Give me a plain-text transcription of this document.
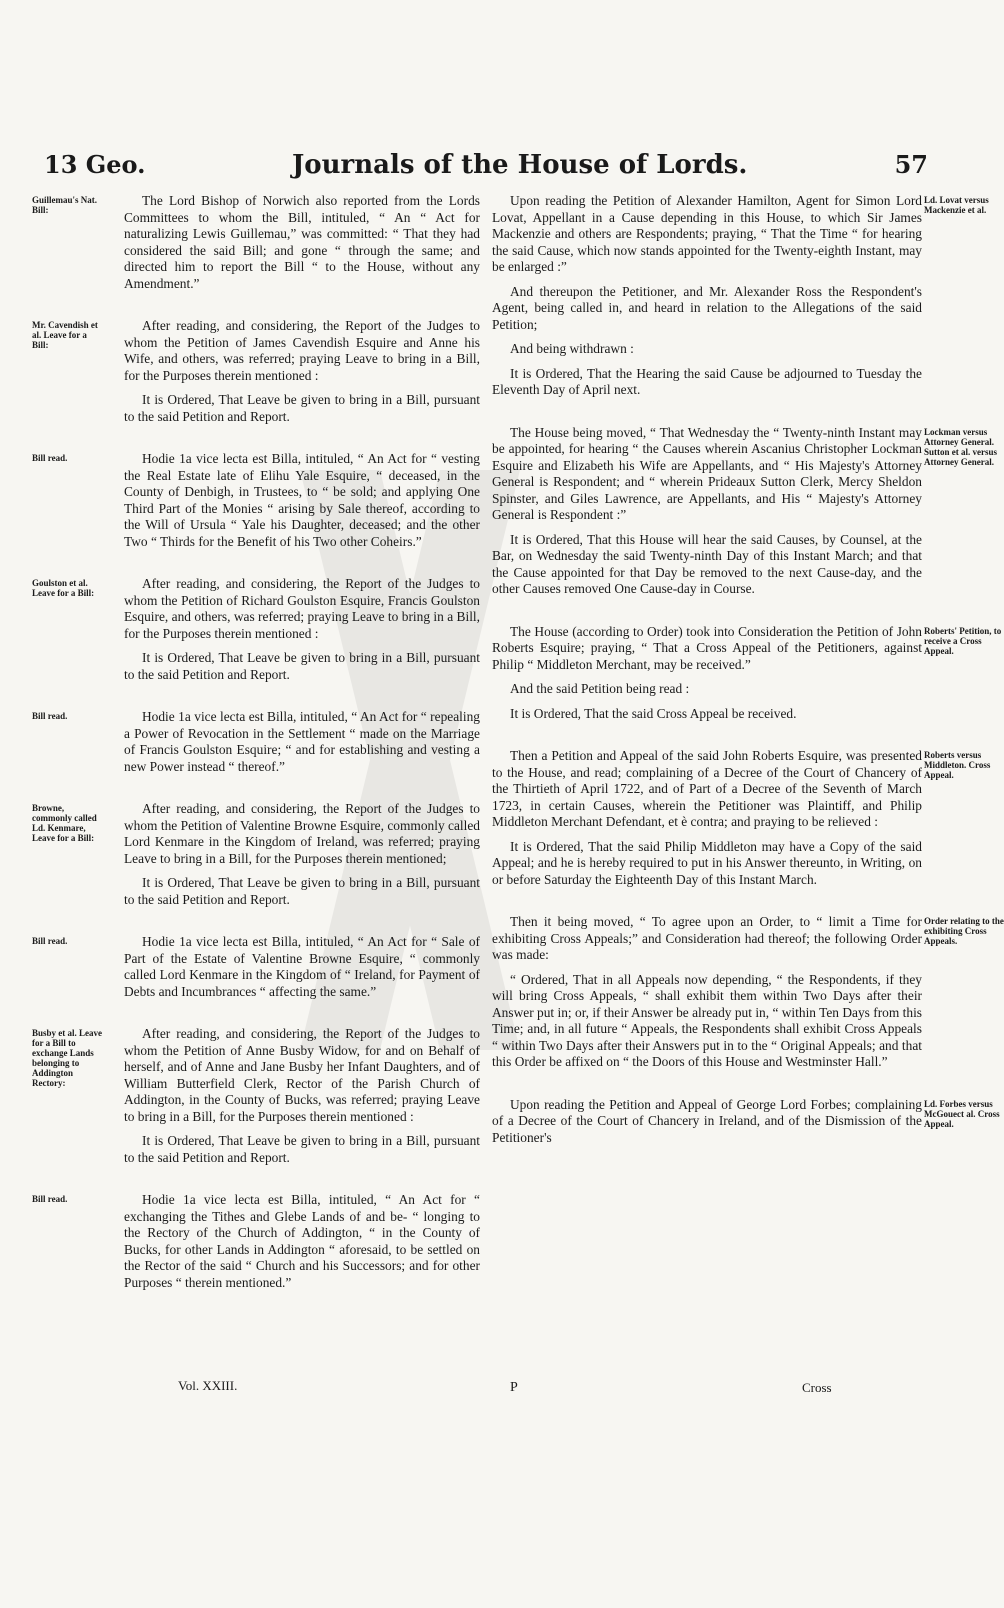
13 Geo.	Journals of the House of Lords.	57
Guillemau's Nat. Bill:

The Lord Bishop of Norwich also reported from the Lords Committees to whom the Bill, intituled, “ An “ Act for naturalizing Lewis Guillemau,” was committed: “ That they had considered the said Bill; and gone “ through the same; and directed him to report the Bill “ to the House, without any Amendment.”

Mr. Cavendish et al. Leave for a Bill:

After reading, and considering, the Report of the Judges to whom the Petition of James Cavendish Esquire and Anne his Wife, and others, was referred; praying Leave to bring in a Bill, for the Purposes therein mentioned :

It is Ordered, That Leave be given to bring in a Bill, pursuant to the said Petition and Report.

Bill read.	Hodie 1a vice lecta est Billa, intituled, “ An Act for “ vesting the Real Estate late of Elihu Yale Esquire, “ deceased, in the County of Denbigh, in Trustees, to “ be sold; and applying One Third Part of the Monies “ arising by Sale thereof, according to the Will of Ursula “ Yale his Daughter, deceased; and the other Two “ Thirds for the Benefit of his Two other Coheirs.”

Goulston et al. Leave for a Bill:

After reading, and considering, the Report of the Judges to whom the Petition of Richard Goulston Esquire, Francis Goulston Esquire, and others, was referred; praying Leave to bring in a Bill, for the Purposes therein mentioned :

It is Ordered, That Leave be given to bring in a Bill, pursuant to the said Petition and Report.

Bill read.	Hodie 1a vice lecta est Billa, intituled, “ An Act for “ repealing a Power of Revocation in the Settlement “ made on the Marriage of Francis Goulston Esquire; “ and for establishing and vesting a new Power instead “ thereof.”

Browne, commonly called Ld. Kenmare, Leave for a Bill:

After reading, and considering, the Report of the Judges to whom the Petition of Valentine Browne Esquire, commonly called Lord Kenmare in the Kingdom of Ireland, was referred; praying Leave to bring in a Bill, for the Purposes therein mentioned;

It is Ordered, That Leave be given to bring in a Bill, pursuant to the said Petition and Report.

Bill read.	Hodie 1a vice lecta est Billa, intituled, “ An Act for “ Sale of Part of the Estate of Valentine Browne Esquire, “ commonly called Lord Kenmare in the Kingdom of “ Ireland, for Payment of Debts and Incumbrances “ affecting the same.”

Busby et al. Leave for a Bill to exchange Lands belonging to Addington Rectory:

After reading, and considering, the Report of the Judges to whom the Petition of Anne Busby Widow, for and on Behalf of herself, and of Anne and Jane Busby her Infant Daughters, and of William Butterfield Clerk, Rector of the Parish Church of Addington, in the County of Bucks, was referred; praying Leave to bring in a Bill, for the Purposes therein mentioned :

It is Ordered, That Leave be given to bring in a Bill, pursuant to the said Petition and Report.

Bill read.	Hodie 1a vice lecta est Billa, intituled, “ An Act for “ exchanging the Tithes and Glebe Lands of and be- “ longing to the Rectory of the Church of Addington, “ in the County of Bucks, for other Lands in Addington “ aforesaid, to be settled on the Rector of the said “ Church and his Successors; and for other Purposes “ therein mentioned.”

Ld. Lovat versus Mackenzie et al.

Upon reading the Petition of Alexander Hamilton, Agent for Simon Lord Lovat, Appellant in a Cause depending in this House, to which Sir James Mackenzie and others are Respondents; praying, “ That the Time “ for hearing the said Cause, which now stands appointed for the Twenty-eighth Instant, may be enlarged :”

And thereupon the Petitioner, and Mr. Alexander Ross the Respondent's Agent, being called in, and heard in relation to the Allegations of the said Petition;

And being withdrawn :

It is Ordered, That the Hearing the said Cause be adjourned to Tuesday the Eleventh Day of April next.

Lockman versus Attorney General. Sutton et al. versus Attorney General.

The House being moved, “ That Wednesday the “ Twenty-ninth Instant may be appointed, for hearing “ the Causes wherein Ascanius Christopher Lockman Esquire and Elizabeth his Wife are Appellants, and “ His Majesty's Attorney General is Respondent; and “ wherein Prideaux Sutton Clerk, Mercy Sheldon Spinster, and Giles Lawrence, are Appellants, and His “ Majesty's Attorney General is Respondent :”

It is Ordered, That this House will hear the said Causes, by Counsel, at the Bar, on Wednesday the said Twenty-ninth Day of this Instant March; and that the Cause appointed for that Day be removed to the next Cause-day, and the other Causes removed One Cause-day in Course.

Roberts' Petition, to receive a Cross Appeal.

The House (according to Order) took into Consideration the Petition of John Roberts Esquire; praying, “ That a Cross Appeal of the Petitioners, against Philip “ Middleton Merchant, may be received.”

And the said Petition being read :

It is Ordered, That the said Cross Appeal be received.

Roberts versus Middleton. Cross Appeal.

Then a Petition and Appeal of the said John Roberts Esquire, was presented to the House, and read; complaining of a Decree of the Court of Chancery of the Thirtieth of April 1722, and of Part of a Decree of the Seventh of March 1723, in certain Causes, wherein the Petitioner was Plaintiff, and Philip Middleton Merchant Defendant, et è contra; and praying to be relieved :

It is Ordered, That the said Philip Middleton may have a Copy of the said Appeal; and he is hereby required to put in his Answer thereunto, in Writing, on or before Saturday the Eighteenth Day of this Instant March.

Order relating to the exhibiting Cross Appeals.

Then it being moved, “ To agree upon an Order, to “ limit a Time for exhibiting Cross Appeals;” and Consideration had thereof; the following Order was made:

“ Ordered, That in all Appeals now depending, “ the Respondents, if they will bring Cross Appeals, “ shall exhibit them within Two Days after their Answer put in; or, if their Answer be already put in, “ within Ten Days from this Time; and, in all future “ Appeals, the Respondents shall exhibit Cross Appeals “ within Two Days after their Answers put in to the “ Original Appeals; and that this Order be affixed on “ the Doors of this House and Westminster Hall.”

Ld. Forbes versus McGouect al. Cross Appeal.

Upon reading the Petition and Appeal of George Lord Forbes; complaining of a Decree of the Court of Chancery in Ireland, and of the Dismission of the Petitioner's

Vol. XXIII.	P	Cross
